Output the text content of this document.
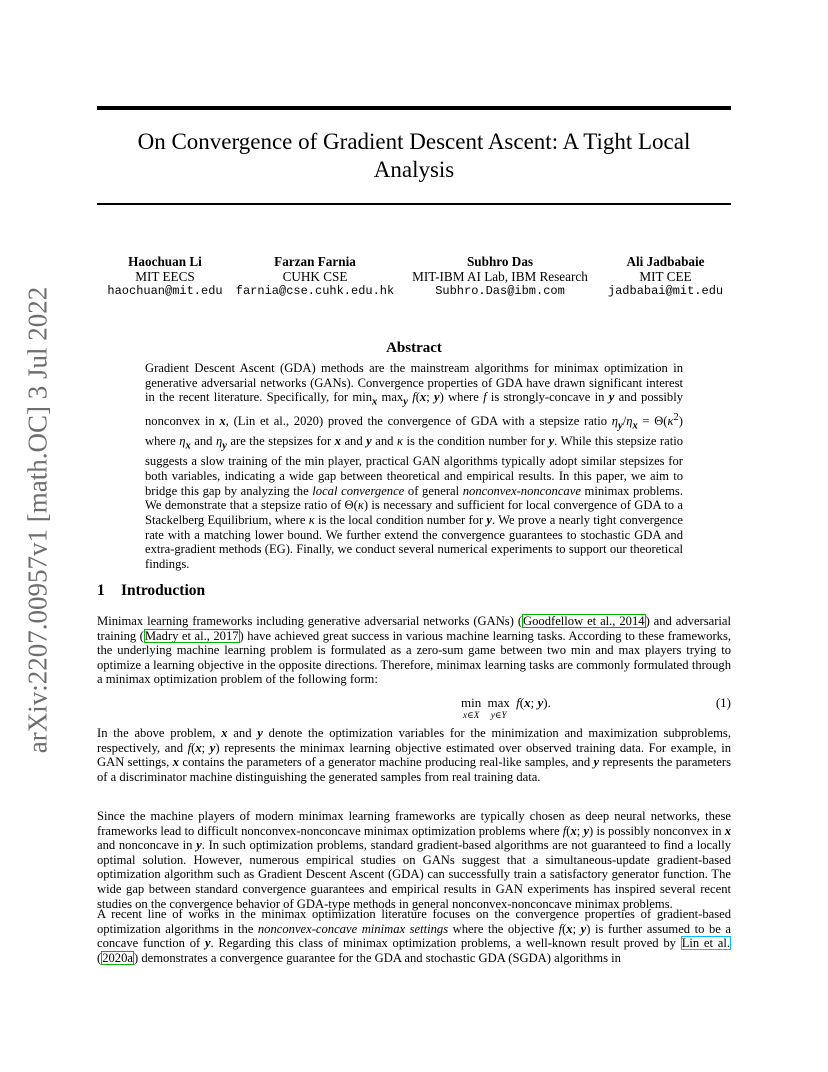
arXiv:2207.00957v1 [math.OC] 3 Jul 2022
On Convergence of Gradient Descent Ascent: A Tight Local Analysis
Haochuan Li
MIT EECS
haochuan@mit.edu
Farzan Farnia
CUHK CSE
farnia@cse.cuhk.edu.hk
Subhro Das
MIT-IBM AI Lab, IBM Research
Subhro.Das@ibm.com
Ali Jadbabaie
MIT CEE
jadbabai@mit.edu
Abstract

Gradient Descent Ascent (GDA) methods are the mainstream algorithms for minimax optimization in generative adversarial networks (GANs). Convergence properties of GDA have drawn significant interest in the recent literature. Specifically, for $\min_x \max_y f(x$; y) where f is strongly-concave in y and possibly nonconvex in x, (Lin et al., 2020) proved the convergence of GDA with a stepsize ratio $\eta_y/\eta_x = \Theta(\kappa^2)$ where $\eta_x$ and $\eta_y$ are the stepsizes for x and y and κ is the condition number for y. While this stepsize ratio suggests a slow training of the min player, practical GAN algorithms typically adopt similar stepsizes for both variables, indicating a wide gap between theoretical and empirical results. In this paper, we aim to bridge this gap by analyzing the local convergence of general nonconvex-nonconcave minimax problems. We demonstrate that a stepsize ratio of Θ(κ) is necessary and sufficient for local convergence of GDA to a Stackelberg Equilibrium, where κ is the local condition number for y. We prove a nearly tight convergence rate with a matching lower bound. We further extend the convergence guarantees to stochastic GDA and extra-gradient methods (EG). Finally, we conduct several numerical experiments to support our theoretical findings.

1 Introduction

Minimax learning frameworks including generative adversarial networks (GANs) (Goodfellow et al., 2014) and adversarial training (Madry et al., 2017) have achieved great success in various machine learning tasks. According to these frameworks, the underlying machine learning problem is formulated as a zero-sum game between two min and max players trying to optimize a learning objective in the opposite directions. Therefore, minimax learning tasks are commonly formulated through a minimax optimization problem of the following form:

min
x∈X

max
y∈Y
f(x; y).	(1)

In the above problem, x and y denote the optimization variables for the minimization and maximization subproblems, respectively, and f(x; y) represents the minimax learning objective estimated over observed training data. For example, in GAN settings, x contains the parameters of a generator machine producing real-like samples, and y represents the parameters of a discriminator machine distinguishing the generated samples from real training data.

Since the machine players of modern minimax learning frameworks are typically chosen as deep neural networks, these frameworks lead to difficult nonconvex-nonconcave minimax optimization problems where f(x; y) is possibly nonconvex in x and nonconcave in y. In such optimization problems, standard gradient-based algorithms are not guaranteed to find a locally optimal solution. However, numerous empirical studies on GANs suggest that a simultaneous-update gradient-based optimization algorithm such as Gradient Descent Ascent (GDA) can successfully train a satisfactory generator function. The wide gap between standard convergence guarantees and empirical results in GAN experiments has inspired several recent studies on the convergence behavior of GDA-type methods in general nonconvex-nonconcave minimax problems.

A recent line of works in the minimax optimization literature focuses on the convergence properties of gradient-based optimization algorithms in the nonconvex-concave minimax settings where the objective f(x; y) is further assumed to be a concave function of y. Regarding this class of minimax optimization problems, a well-known result proved by Lin et al. (2020a) demonstrates a convergence guarantee for the GDA and stochastic GDA (SGDA) algorithms in
